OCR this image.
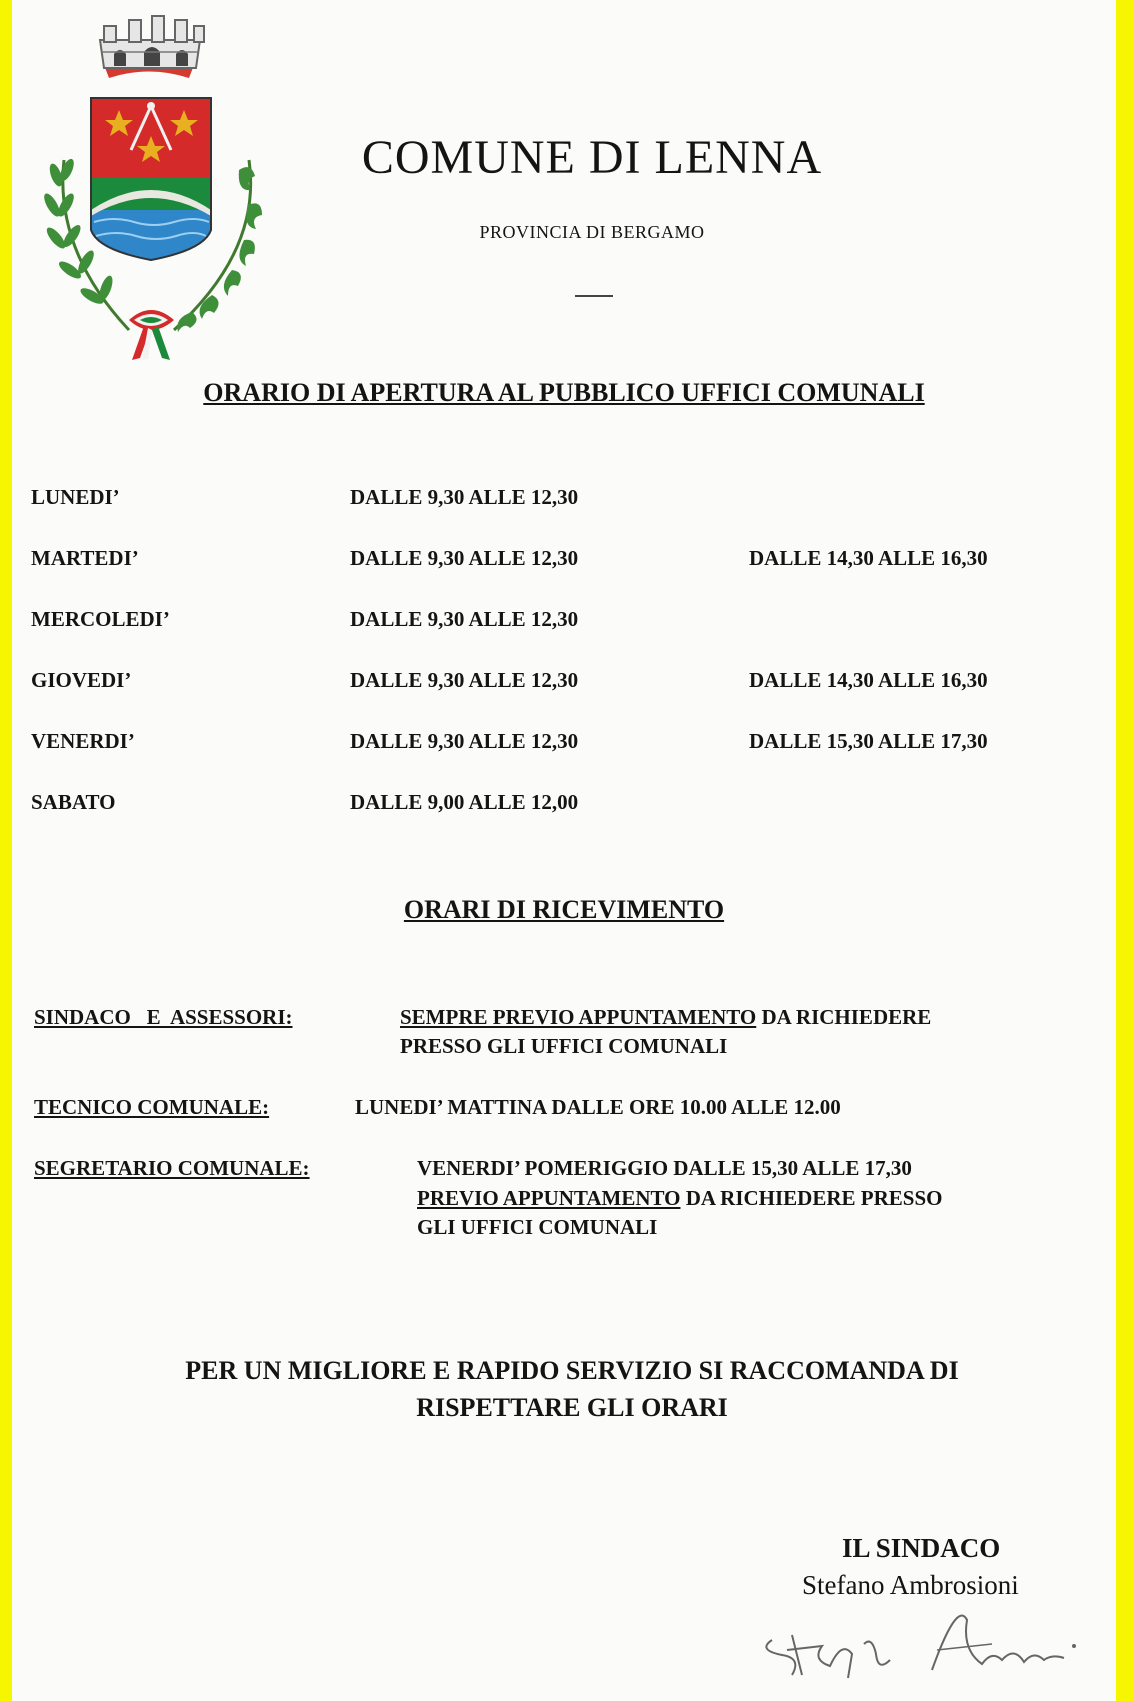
COMUNE DI LENNA
PROVINCIA DI BERGAMO
ORARIO DI APERTURA AL PUBBLICO UFFICI COMUNALI
LUNEDI’	DALLE 9,30 ALLE 12,30
MARTEDI’	DALLE 9,30 ALLE 12,30	DALLE 14,30 ALLE 16,30
MERCOLEDI’	DALLE 9,30 ALLE 12,30
GIOVEDI’	DALLE 9,30 ALLE 12,30	DALLE 14,30 ALLE 16,30
VENERDI’	DALLE 9,30 ALLE 12,30	DALLE 15,30 ALLE 17,30
SABATO	DALLE 9,00 ALLE 12,00
ORARI DI RICEVIMENTO
SINDACO   E  ASSESSORI:	SEMPRE PREVIO APPUNTAMENTO DA RICHIEDERE
PRESSO GLI UFFICI COMUNALI
TECNICO COMUNALE:	LUNEDI’ MATTINA DALLE ORE 10.00 ALLE 12.00
SEGRETARIO COMUNALE:	VENERDI’ POMERIGGIO DALLE 15,30 ALLE 17,30
PREVIO APPUNTAMENTO DA RICHIEDERE PRESSO
GLI UFFICI COMUNALI
PER UN MIGLIORE E RAPIDO SERVIZIO SI RACCOMANDA DI
RISPETTARE GLI ORARI
IL SINDACO
Stefano Ambrosioni
